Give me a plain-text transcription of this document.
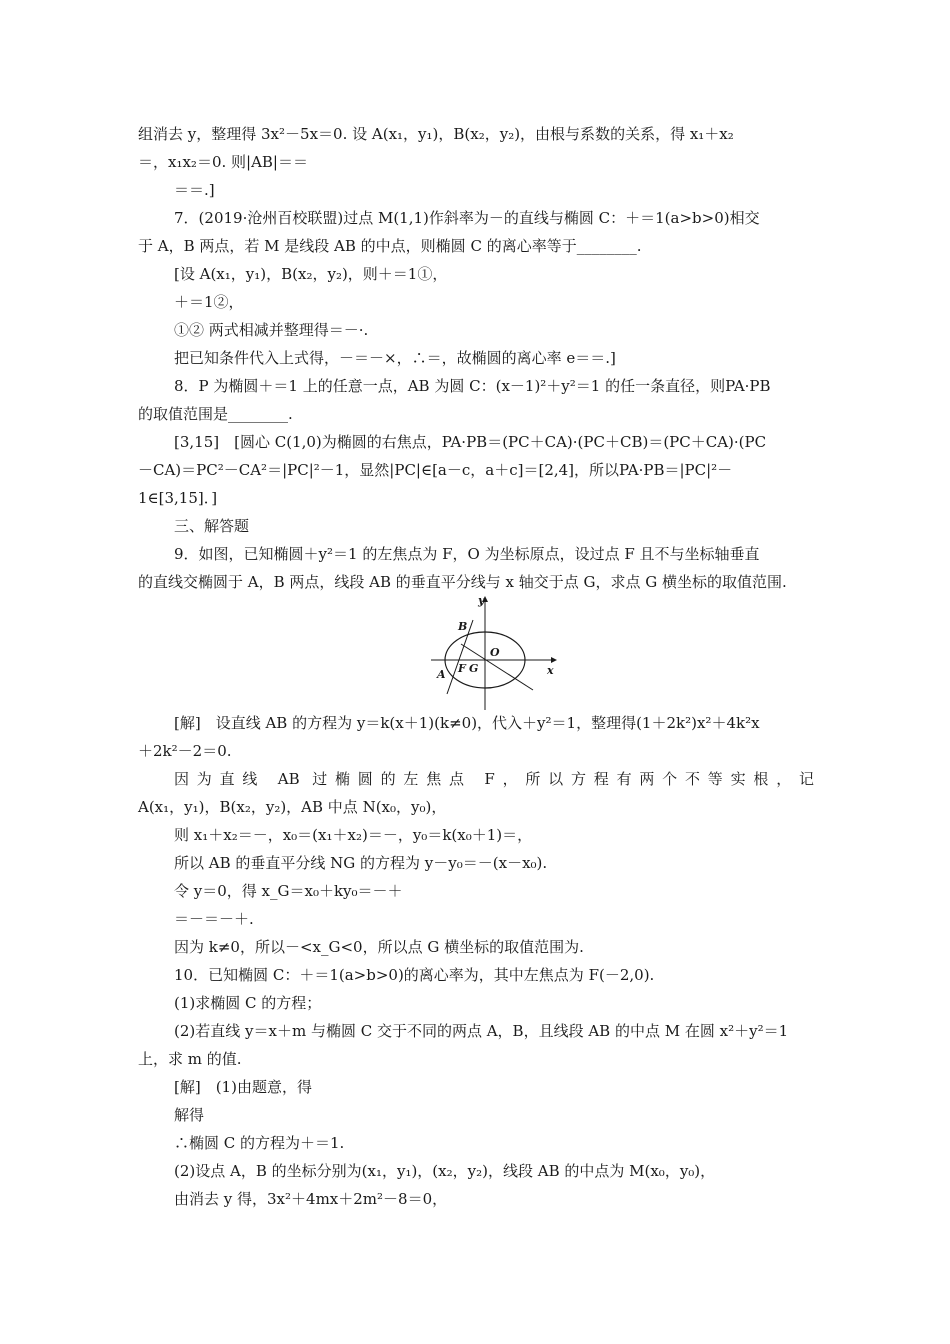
组消去 y，整理得 3x²－5x＝0. 设 A(x₁，y₁)，B(x₂，y₂)，由根与系数的关系，得 x₁＋x₂
＝，x₁x₂＝0. 则|AB|＝＝
＝＝.]
7．(2019·沧州百校联盟)过点 M(1,1)作斜率为－的直线与椭圆 C：＋＝1(a>b>0)相交
于 A，B 两点，若 M 是线段 AB 的中点，则椭圆 C 的离心率等于________.
[设 A(x₁，y₁)，B(x₂，y₂)，则＋＝1①，
＋＝1②，
①② 两式相减并整理得＝－·.
把已知条件代入上式得，－＝－×，∴＝，故椭圆的离心率 e＝＝.]
8．P 为椭圆＋＝1 上的任意一点，AB 为圆 C：(x－1)²＋y²＝1 的任一条直径，则PA·PB
的取值范围是________.
[3,15]　[圆心 C(1,0)为椭圆的右焦点，PA·PB＝(PC＋CA)·(PC＋CB)＝(PC＋CA)·(PC
－CA)＝PC²－CA²＝|PC|²－1，显然|PC|∈[a－c，a＋c]＝[2,4]，所以PA·PB＝|PC|²－
1∈[3,15]．]
三、解答题
9．如图，已知椭圆＋y²＝1 的左焦点为 F，O 为坐标原点，设过点 F 且不与坐标轴垂直
的直线交椭圆于 A，B 两点，线段 AB 的垂直平分线与 x 轴交于点 G，求点 G 横坐标的取值范围.
y
x
B
O
F G
A
[解]　设直线 AB 的方程为 y＝k(x＋1)(k≠0)，代入＋y²＝1，整理得(1＋2k²)x²＋4k²x
＋2k²－2＝0.
因为直线 AB 过椭圆的左焦点 F，所以方程有两个不等实根，记
A(x₁，y₁)，B(x₂，y₂)，AB 中点 N(x₀，y₀)，
则 x₁＋x₂＝－，x₀＝(x₁＋x₂)＝－，y₀＝k(x₀＋1)＝，
所以 AB 的垂直平分线 NG 的方程为 y－y₀＝－(x－x₀).
令 y＝0，得 x_G＝x₀＋ky₀＝－＋
＝－＝－＋.
因为 k≠0，所以－<x_G<0，所以点 G 横坐标的取值范围为.
10．已知椭圆 C：＋＝1(a>b>0)的离心率为，其中左焦点为 F(－2,0).
(1)求椭圆 C 的方程；
(2)若直线 y＝x＋m 与椭圆 C 交于不同的两点 A，B，且线段 AB 的中点 M 在圆 x²＋y²＝1
上，求 m 的值.
[解]　(1)由题意，得
解得
∴椭圆 C 的方程为＋＝1.
(2)设点 A，B 的坐标分别为(x₁，y₁)，(x₂，y₂)，线段 AB 的中点为 M(x₀，y₀)，
由消去 y 得，3x²＋4mx＋2m²－8＝0，
